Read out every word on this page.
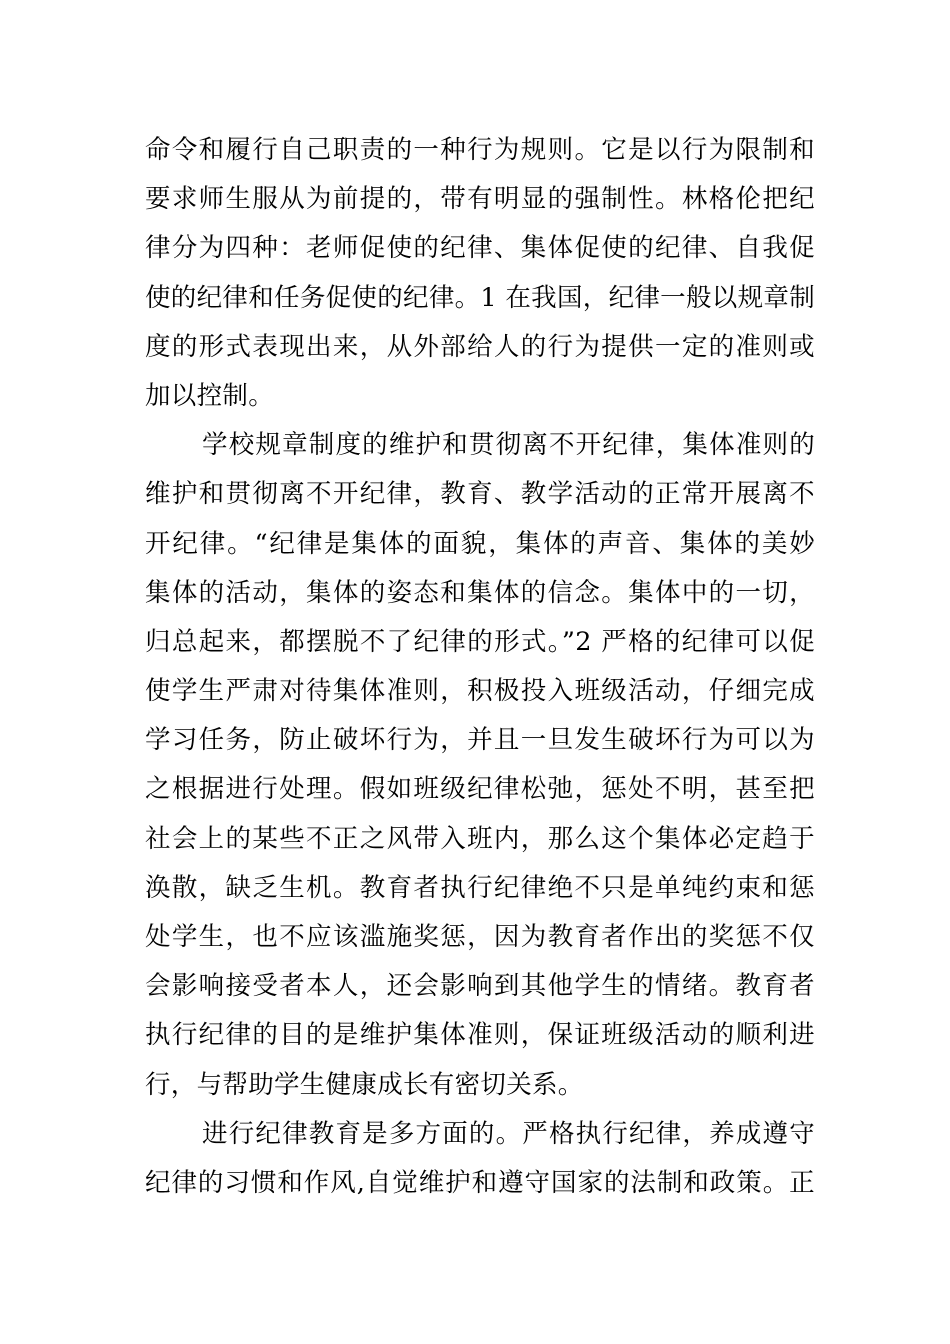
命令和履行自己职责的一种行为规则。它是以行为限制和
要求师生服从为前提的，带有明显的强制性。林格伦把纪
律分为四种：老师促使的纪律、集体促使的纪律、自我促
使的纪律和任务促使的纪律。1 在我国，纪律一般以规章制
度的形式表现出来，从外部给人的行为提供一定的准则或
加以控制。
学校规章制度的维护和贯彻离不开纪律，集体准则的
维护和贯彻离不开纪律，教育、教学活动的正常开展离不
开纪律。“纪律是集体的面貌，集体的声音、集体的美妙
集体的活动，集体的姿态和集体的信念。集体中的一切，
归总起来，都摆脱不了纪律的形式。”2 严格的纪律可以促
使学生严肃对待集体准则，积极投入班级活动，仔细完成
学习任务，防止破坏行为，并且一旦发生破坏行为可以为
之根据进行处理。假如班级纪律松弛，惩处不明，甚至把
社会上的某些不正之风带入班内，那么这个集体必定趋于
涣散，缺乏生机。教育者执行纪律绝不只是单纯约束和惩
处学生，也不应该滥施奖惩，因为教育者作出的奖惩不仅
会影响接受者本人，还会影响到其他学生的情绪。教育者
执行纪律的目的是维护集体准则，保证班级活动的顺利进
行，与帮助学生健康成长有密切关系。
进行纪律教育是多方面的。严格执行纪律，养成遵守
纪律的习惯和作风,自觉维护和遵守国家的法制和政策。正
